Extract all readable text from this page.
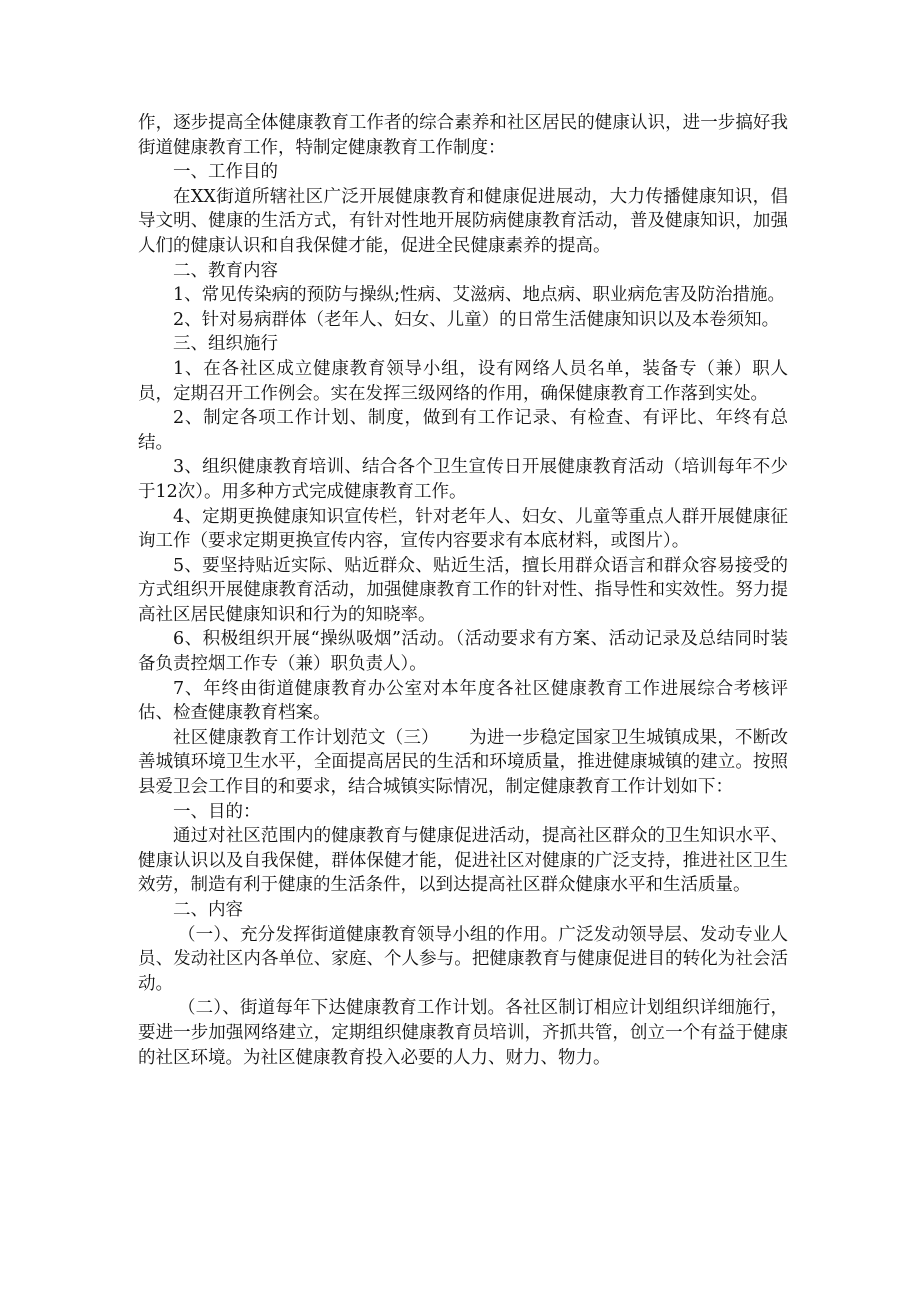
作，逐步提高全体健康教育工作者的综合素养和社区居民的健康认识，进一步搞好我街道健康教育工作，特制定健康教育工作制度：

一、工作目的

在XX街道所辖社区广泛开展健康教育和健康促进展动，大力传播健康知识，倡导文明、健康的生活方式，有针对性地开展防病健康教育活动，普及健康知识，加强人们的健康认识和自我保健才能，促进全民健康素养的提高。

二、教育内容

1、常见传染病的预防与操纵;性病、艾滋病、地点病、职业病危害及防治措施。

2、针对易病群体（老年人、妇女、儿童）的日常生活健康知识以及本卷须知。

三、组织施行

1、在各社区成立健康教育领导小组，设有网络人员名单，装备专（兼）职人员，定期召开工作例会。实在发挥三级网络的作用，确保健康教育工作落到实处。

2、制定各项工作计划、制度，做到有工作记录、有检查、有评比、年终有总结。

3、组织健康教育培训、结合各个卫生宣传日开展健康教育活动（培训每年不少于12次）。用多种方式完成健康教育工作。

4、定期更换健康知识宣传栏，针对老年人、妇女、儿童等重点人群开展健康征询工作（要求定期更换宣传内容，宣传内容要求有本底材料，或图片）。

5、要坚持贴近实际、贴近群众、贴近生活，擅长用群众语言和群众容易接受的方式组织开展健康教育活动，加强健康教育工作的针对性、指导性和实效性。努力提高社区居民健康知识和行为的知晓率。

6、积极组织开展“操纵吸烟”活动。（活动要求有方案、活动记录及总结同时装备负责控烟工作专（兼）职负责人）。

7、年终由街道健康教育办公室对本年度各社区健康教育工作进展综合考核评估、检查健康教育档案。

社区健康教育工作计划范文（三） 为进一步稳定国家卫生城镇成果，不断改善城镇环境卫生水平，全面提高居民的生活和环境质量，推进健康城镇的建立。按照县爱卫会工作目的和要求，结合城镇实际情况，制定健康教育工作计划如下：

一、目的：

通过对社区范围内的健康教育与健康促进活动，提高社区群众的卫生知识水平、健康认识以及自我保健，群体保健才能，促进社区对健康的广泛支持，推进社区卫生效劳，制造有利于健康的生活条件，以到达提高社区群众健康水平和生活质量。

二、内容

（一）、充分发挥街道健康教育领导小组的作用。广泛发动领导层、发动专业人员、发动社区内各单位、家庭、个人参与。把健康教育与健康促进目的转化为社会活动。

（二）、街道每年下达健康教育工作计划。各社区制订相应计划组织详细施行，要进一步加强网络建立，定期组织健康教育员培训，齐抓共管，创立一个有益于健康的社区环境。为社区健康教育投入必要的人力、财力、物力。
